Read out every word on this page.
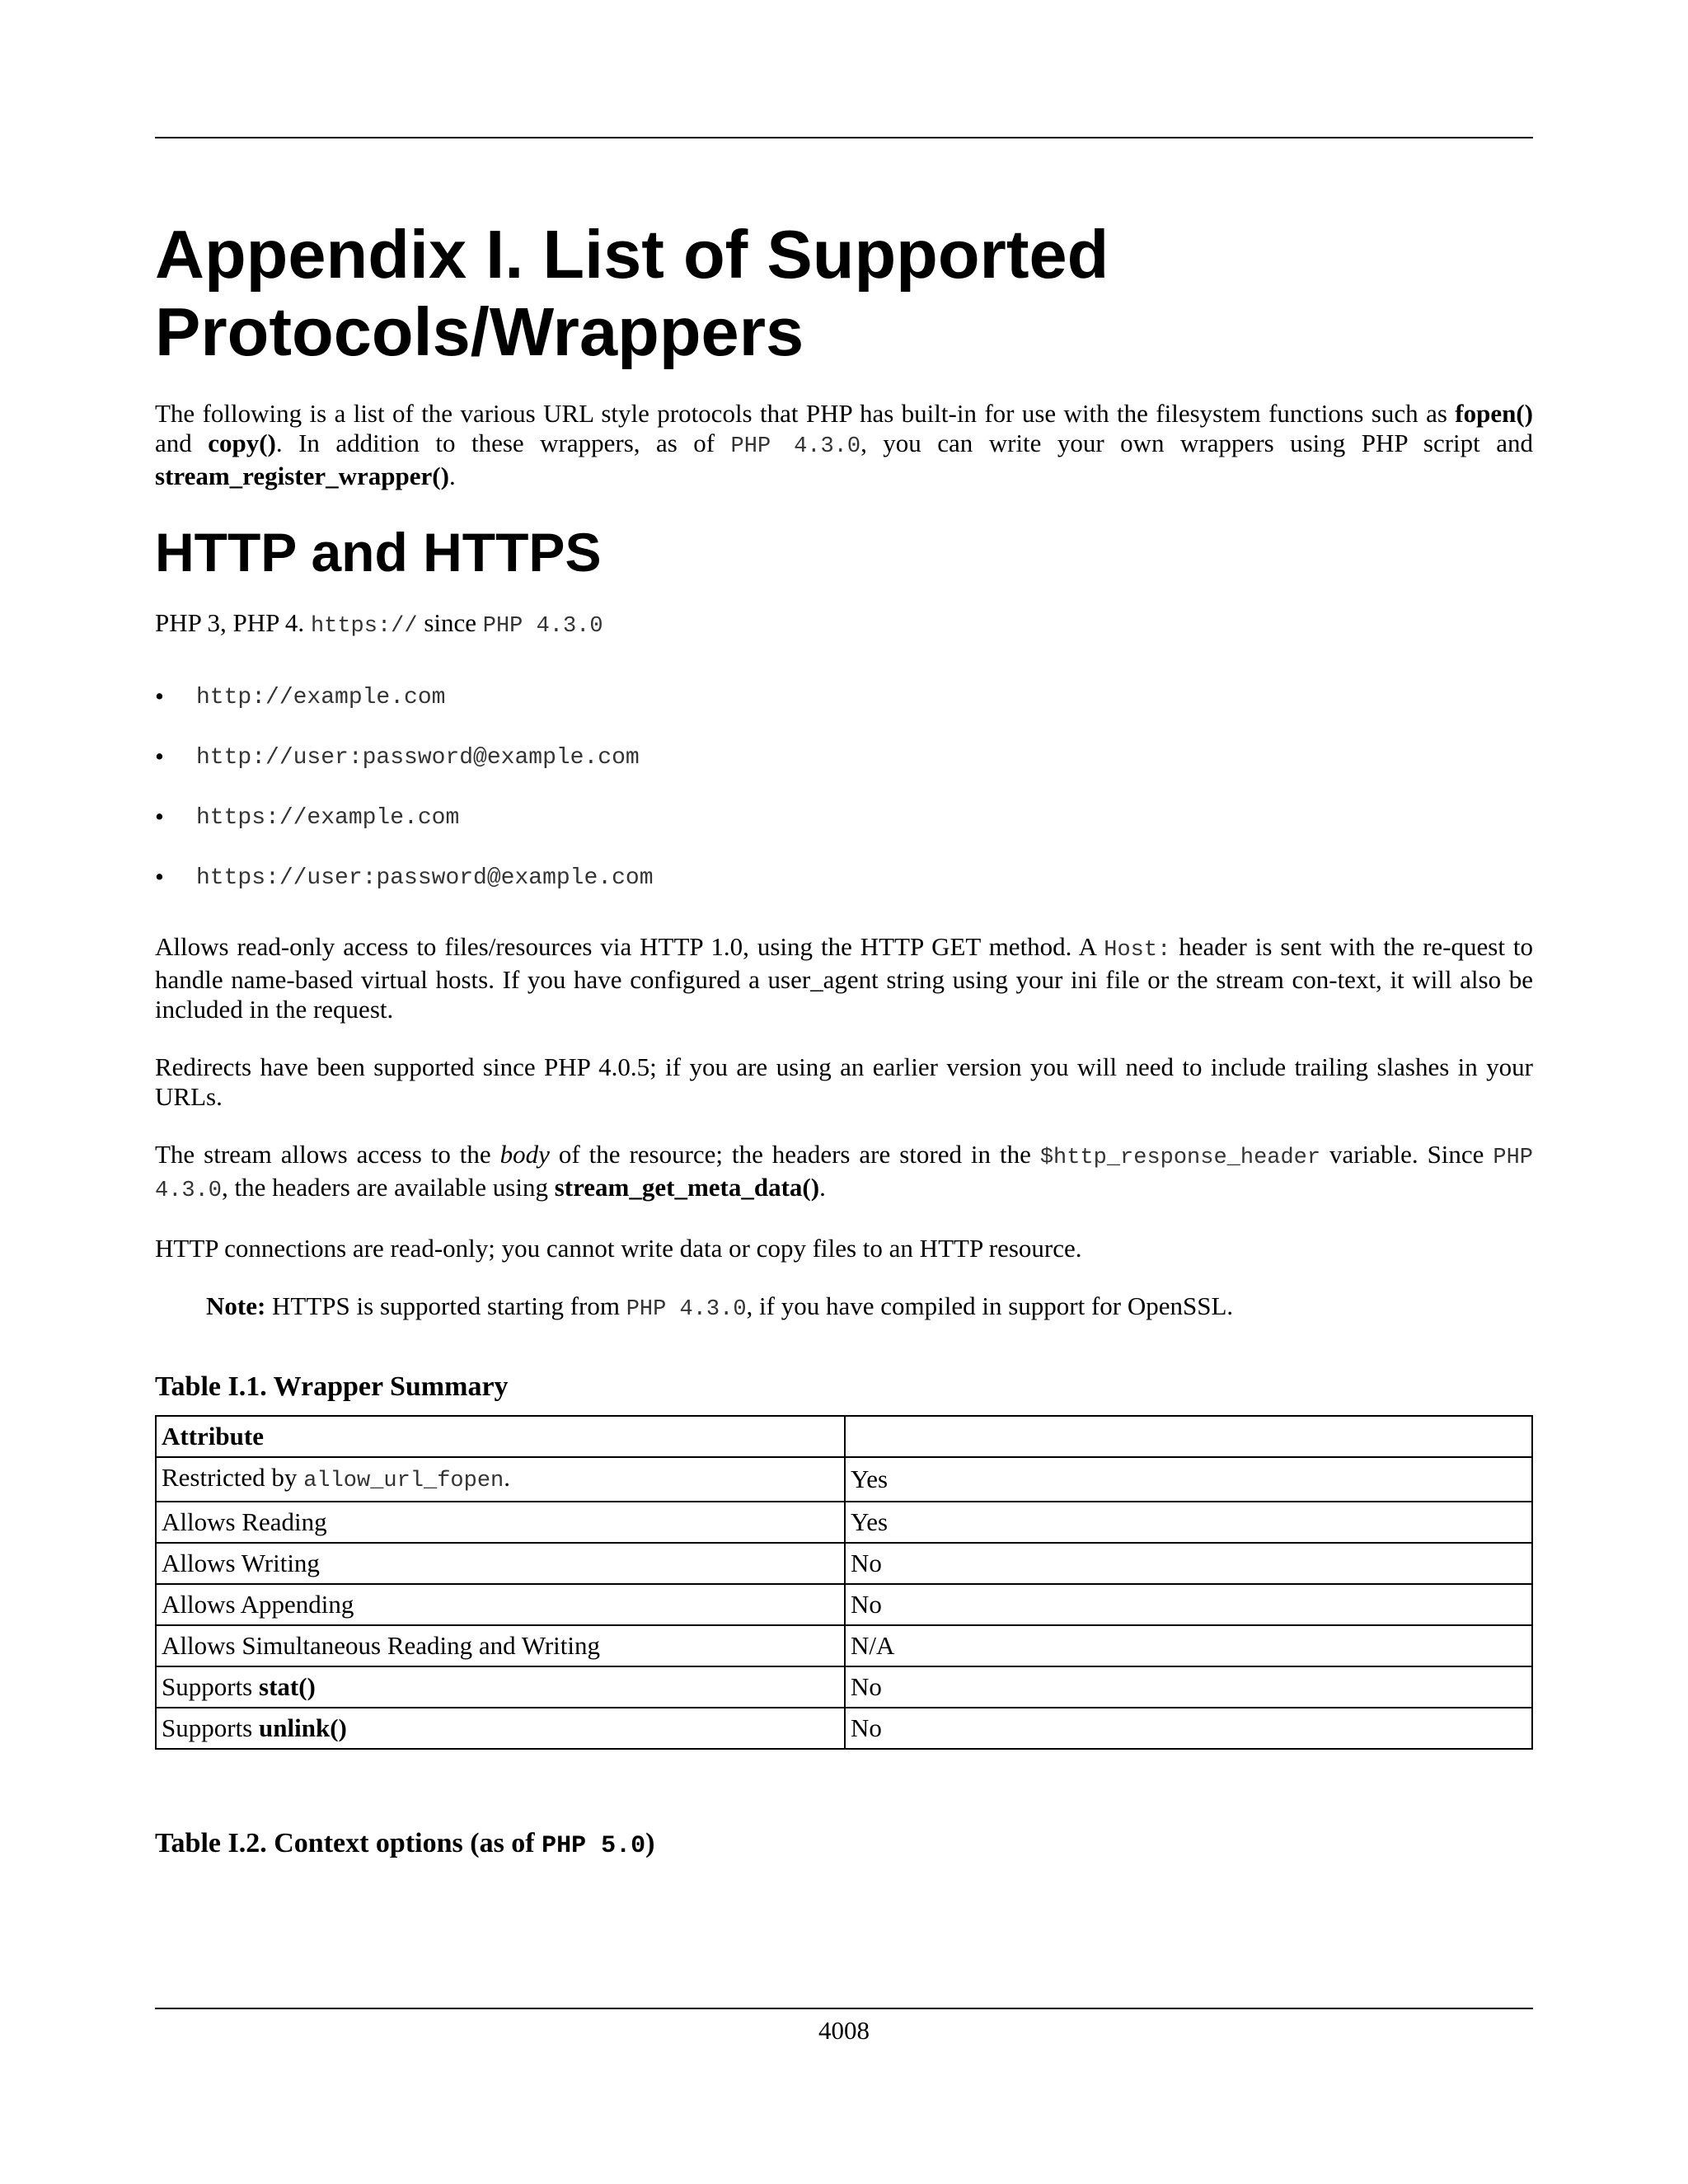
Appendix I. List of Supported
Protocols/Wrappers

The following is a list of the various URL style protocols that PHP has built-in for use with the filesystem functions such as fopen() and copy(). In addition to these wrappers, as of PHP 4.3.0, you can write your own wrappers using PHP script and stream_register_wrapper().

HTTP and HTTPS

PHP 3, PHP 4. https:// since PHP 4.3.0

• http://example.com
• http://user:password@example.com
• https://example.com
• https://user:password@example.com

Allows read-only access to files/resources via HTTP 1.0, using the HTTP GET method. A Host: header is sent with the re-quest to handle name-based virtual hosts. If you have configured a user_agent string using your ini file or the stream con-text, it will also be included in the request.

Redirects have been supported since PHP 4.0.5; if you are using an earlier version you will need to include trailing slashes in your URLs.

The stream allows access to the body of the resource; the headers are stored in the $http_response_header variable. Since PHP 4.3.0, the headers are available using stream_get_meta_data().

HTTP connections are read-only; you cannot write data or copy files to an HTTP resource.

Note: HTTPS is supported starting from PHP 4.3.0, if you have compiled in support for OpenSSL.

Table I.1. Wrapper Summary
Attribute	
Restricted by allow_url_fopen.	Yes
Allows Reading	Yes
Allows Writing	No
Allows Appending	No
Allows Simultaneous Reading and Writing	N/A
Supports stat()	No
Supports unlink()	No
Table I.2. Context options (as of PHP 5.0)
4008
